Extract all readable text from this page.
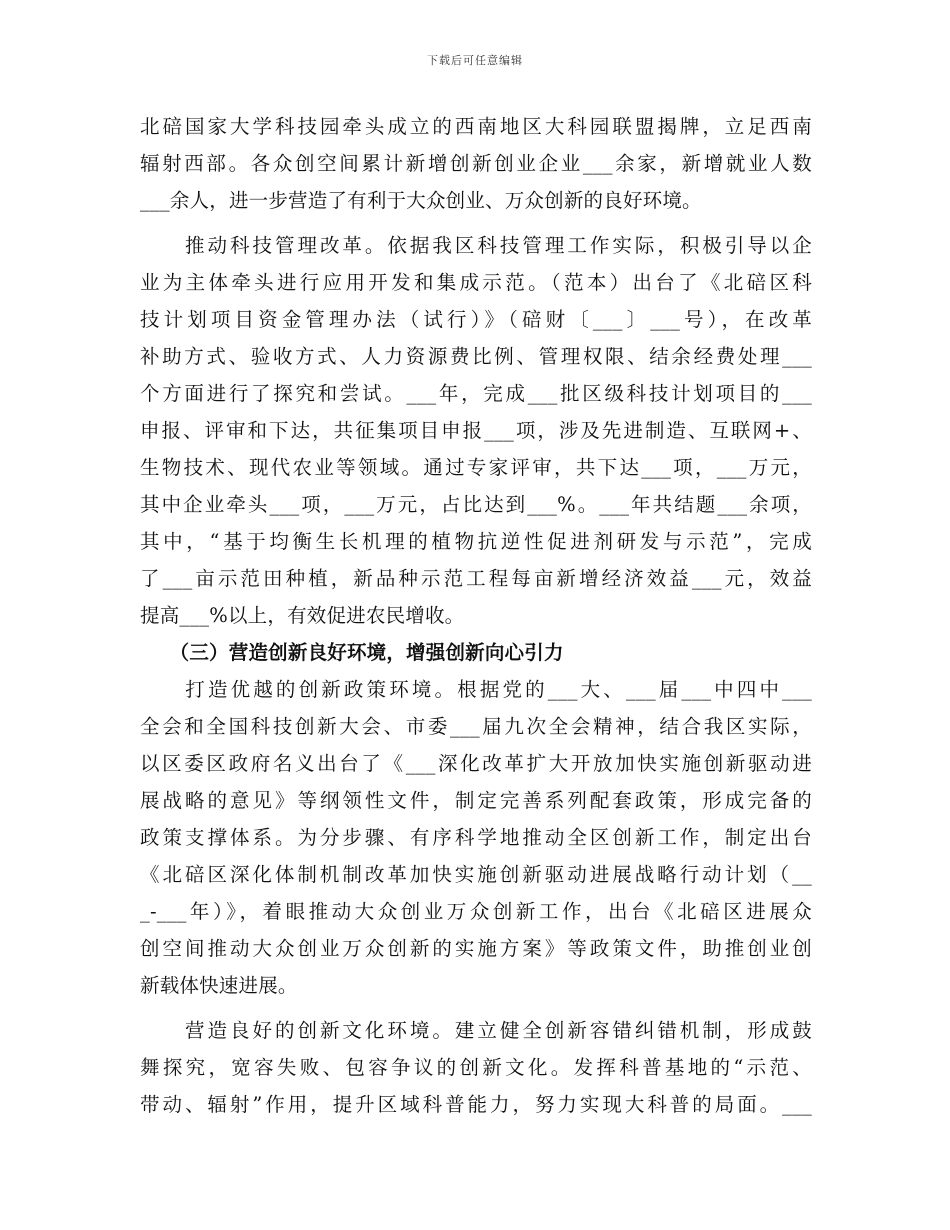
下载后可任意编辑
北碚国家大学科技园牵头成立的西南地区大科园联盟揭牌，立足西南
辐射西部。各众创空间累计新增创新创业企业___余家，新增就业人数
___余人，进一步营造了有利于大众创业、万众创新的良好环境。
　　推动科技管理改革。依据我区科技管理工作实际，积极引导以企
业为主体牵头进行应用开发和集成示范。（范本）出台了《北碚区科
技计划项目资金管理办法（试行）》（碚财〔___〕___号），在改革
补助方式、验收方式、人力资源费比例、管理权限、结余经费处理___
个方面进行了探究和尝试。___年，完成___批区级科技计划项目的___
申报、评审和下达，共征集项目申报___项，涉及先进制造、互联网+、
生物技术、现代农业等领域。通过专家评审，共下达___项，___万元，
其中企业牵头___项，___万元，占比达到___%。___年共结题___余项，
其中，“基于均衡生长机理的植物抗逆性促进剂研发与示范”，完成
了___亩示范田种植，新品种示范工程每亩新增经济效益___元，效益
提高___%以上，有效促进农民增收。
　　（三）营造创新良好环境，增强创新向心引力
　　打造优越的创新政策环境。根据党的___大、___届___中四中___
全会和全国科技创新大会、市委___届九次全会精神，结合我区实际，
以区委区政府名义出台了《___深化改革扩大开放加快实施创新驱动进
展战略的意见》等纲领性文件，制定完善系列配套政策，形成完备的
政策支撑体系。为分步骤、有序科学地推动全区创新工作，制定出台
《北碚区深化体制机制改革加快实施创新驱动进展战略行动计划（__
_-___年）》，着眼推动大众创业万众创新工作，出台《北碚区进展众
创空间推动大众创业万众创新的实施方案》等政策文件，助推创业创
新载体快速进展。
　　营造良好的创新文化环境。建立健全创新容错纠错机制，形成鼓
舞探究，宽容失败、包容争议的创新文化。发挥科普基地的“示范、
带动、辐射”作用，提升区域科普能力，努力实现大科普的局面。___
